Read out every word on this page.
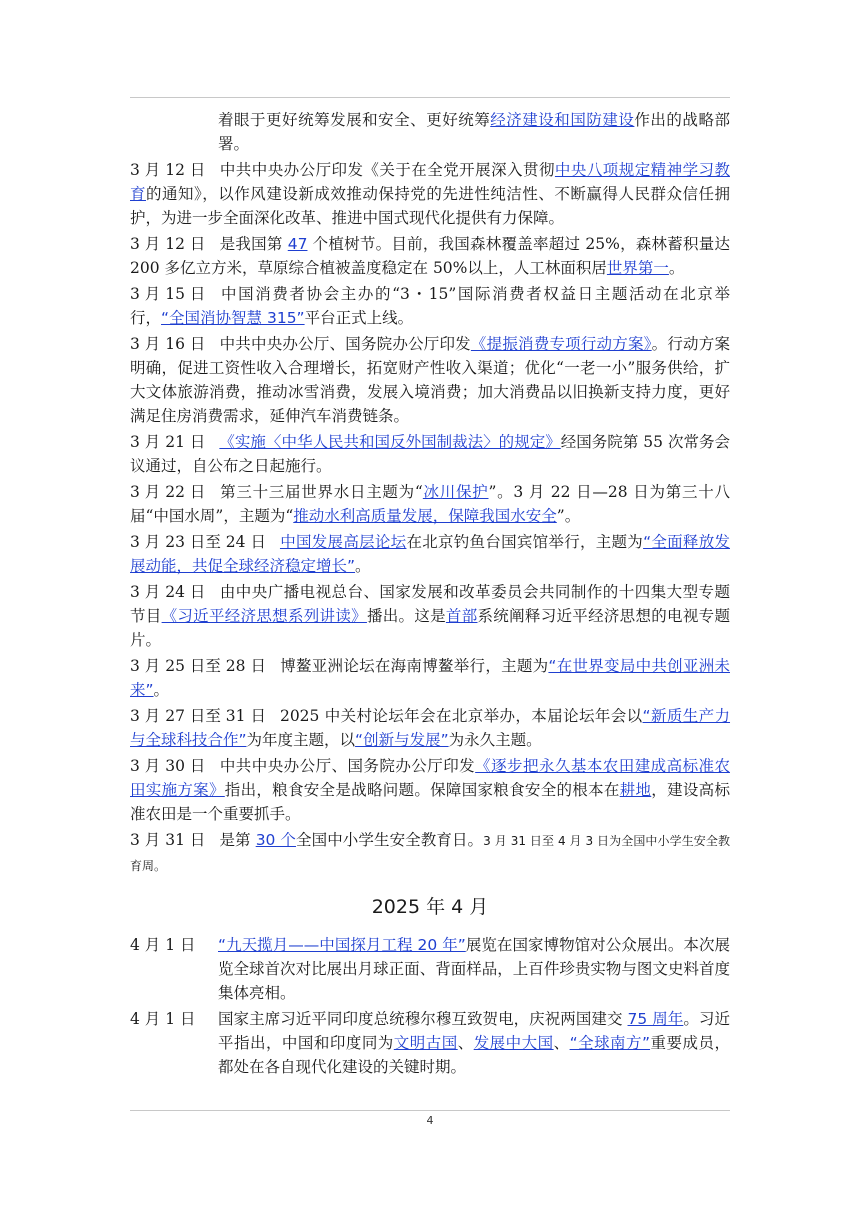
着眼于更好统筹发展和安全、更好统筹经济建设和国防建设作出的战略部署。
3 月 12 日 中共中央办公厅印发《关于在全党开展深入贯彻中央八项规定精神学习教育的通知》，以作风建设新成效推动保持党的先进性纯洁性、不断赢得人民群众信任拥护，为进一步全面深化改革、推进中国式现代化提供有力保障。
3 月 12 日 是我国第 47 个植树节。目前，我国森林覆盖率超过 25%，森林蓄积量达 200 多亿立方米，草原综合植被盖度稳定在 50%以上，人工林面积居世界第一。
3 月 15 日 中国消费者协会主办的“3・15”国际消费者权益日主题活动在北京举行，“全国消协智慧 315”平台正式上线。
3 月 16 日 中共中央办公厅、国务院办公厅印发《提振消费专项行动方案》。行动方案明确，促进工资性收入合理增长，拓宽财产性收入渠道；优化“一老一小”服务供给，扩大文体旅游消费，推动冰雪消费，发展入境消费；加大消费品以旧换新支持力度，更好满足住房消费需求，延伸汽车消费链条。
3 月 21 日 《实施〈中华人民共和国反外国制裁法〉的规定》经国务院第 55 次常务会议通过，自公布之日起施行。
3 月 22 日 第三十三届世界水日主题为“冰川保护”。3 月 22 日—28 日为第三十八届“中国水周”，主题为“推动水利高质量发展，保障我国水安全”。
3 月 23 日至 24 日 中国发展高层论坛在北京钓鱼台国宾馆举行，主题为“全面释放发展动能，共促全球经济稳定增长”。
3 月 24 日 由中央广播电视总台、国家发展和改革委员会共同制作的十四集大型专题节目《习近平经济思想系列讲读》播出。这是首部系统阐释习近平经济思想的电视专题片。
3 月 25 日至 28 日 博鳌亚洲论坛在海南博鳌举行，主题为“在世界变局中共创亚洲未来”。
3 月 27 日至 31 日 2025 中关村论坛年会在北京举办，本届论坛年会以“新质生产力与全球科技合作”为年度主题，以“创新与发展”为永久主题。
3 月 30 日 中共中央办公厅、国务院办公厅印发《逐步把永久基本农田建成高标准农田实施方案》指出，粮食安全是战略问题。保障国家粮食安全的根本在耕地，建设高标准农田是一个重要抓手。
3 月 31 日 是第 30 个全国中小学生安全教育日。3 月 31 日至 4 月 3 日为全国中小学生安全教育周。
2025 年 4 月
4 月 1 日	“九天揽月——中国探月工程 20 年”展览在国家博物馆对公众展出。本次展览全球首次对比展出月球正面、背面样品，上百件珍贵实物与图文史料首度集体亮相。
4 月 1 日	国家主席习近平同印度总统穆尔穆互致贺电，庆祝两国建交 75 周年。习近平指出，中国和印度同为文明古国、发展中大国、“全球南方”重要成员，都处在各自现代化建设的关键时期。
4
